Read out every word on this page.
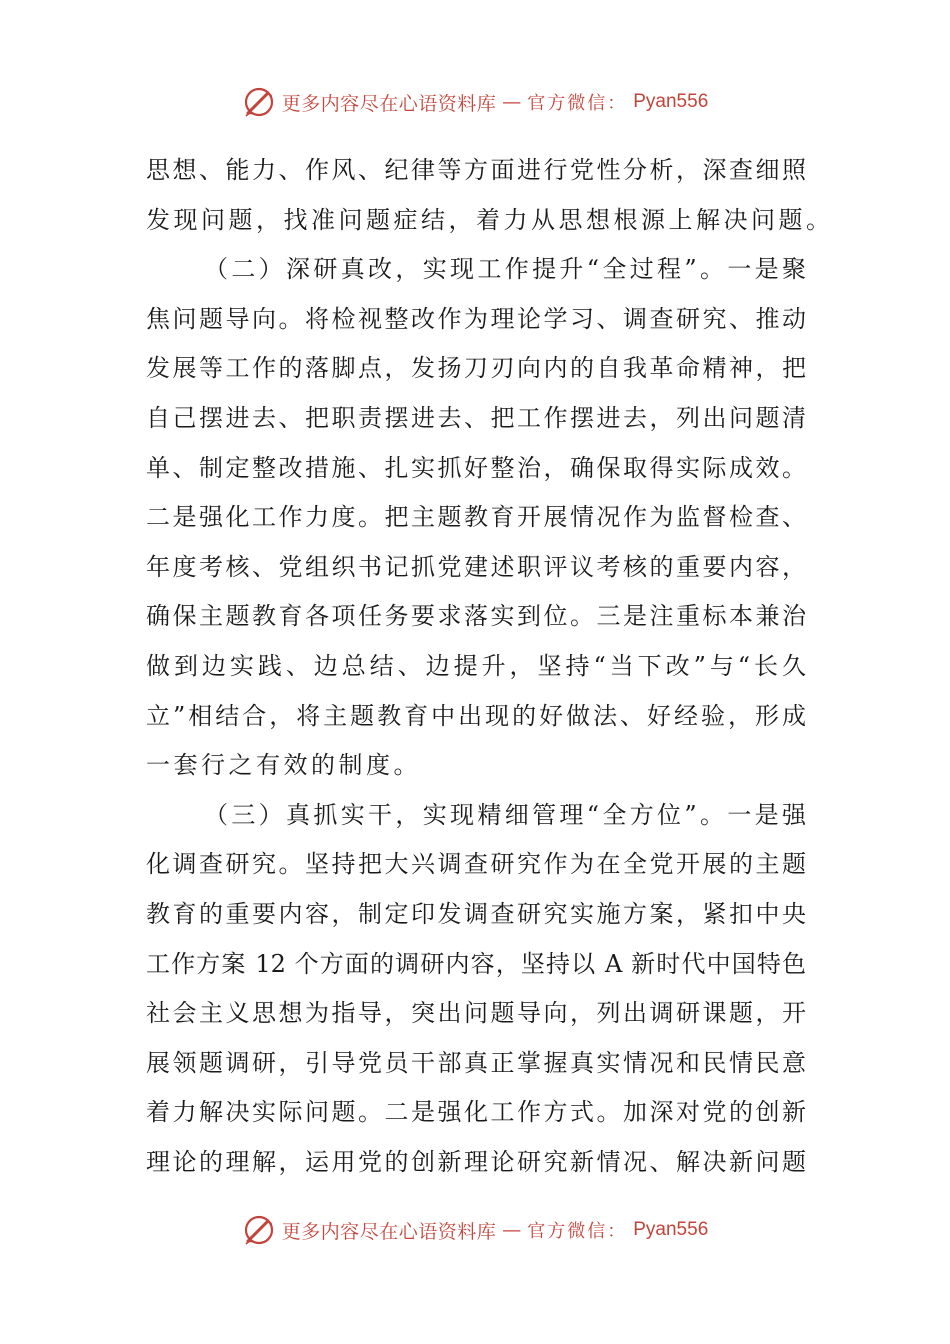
更多内容尽在心语资料库 — 官方微信： Pyan556
思想、能力、作风、纪律等方面进行党性分析，深查细照
发现问题，找准问题症结，着力从思想根源上解决问题。
（二）深研真改，实现工作提升“全过程”。一是聚
焦问题导向。将检视整改作为理论学习、调查研究、推动
发展等工作的落脚点，发扬刀刃向内的自我革命精神，把
自己摆进去、把职责摆进去、把工作摆进去，列出问题清
单、制定整改措施、扎实抓好整治，确保取得实际成效。
二是强化工作力度。把主题教育开展情况作为监督检查、
年度考核、党组织书记抓党建述职评议考核的重要内容，
确保主题教育各项任务要求落实到位。三是注重标本兼治
做到边实践、边总结、边提升，坚持“当下改”与“长久
立”相结合，将主题教育中出现的好做法、好经验，形成
一套行之有效的制度。
（三）真抓实干，实现精细管理“全方位”。一是强
化调查研究。坚持把大兴调查研究作为在全党开展的主题
教育的重要内容，制定印发调查研究实施方案，紧扣中央
工作方案 12 个方面的调研内容，坚持以 A 新时代中国特色
社会主义思想为指导，突出问题导向，列出调研课题，开
展领题调研，引导党员干部真正掌握真实情况和民情民意
着力解决实际问题。二是强化工作方式。加深对党的创新
理论的理解，运用党的创新理论研究新情况、解决新问题
更多内容尽在心语资料库 — 官方微信： Pyan556
